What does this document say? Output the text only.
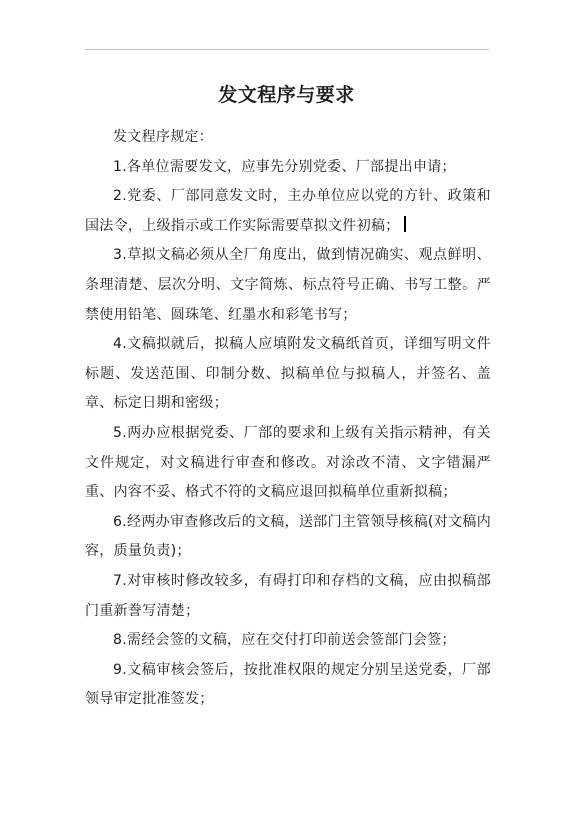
发文程序与要求

发文程序规定：

1.各单位需要发文，应事先分别党委、厂部提出申请；

2.党委、厂部同意发文时，主办单位应以党的方针、政策和国法令，上级指示或工作实际需要草拟文件初稿；

3.草拟文稿必须从全厂角度出，做到情况确实、观点鲜明、条理清楚、层次分明、文字简炼、标点符号正确、书写工整。严禁使用铅笔、圆珠笔、红墨水和彩笔书写；

4.文稿拟就后，拟稿人应填附发文稿纸首页，详细写明文件标题、发送范围、印制分数、拟稿单位与拟稿人，并签名、盖章、标定日期和密级；

5.两办应根据党委、厂部的要求和上级有关指示精神，有关文件规定，对文稿进行审查和修改。对涂改不清、文字错漏严重、内容不妥、格式不符的文稿应退回拟稿单位重新拟稿；

6.经两办审查修改后的文稿，送部门主管领导核稿(对文稿内容，质量负责)；

7.对审核时修改较多，有碍打印和存档的文稿，应由拟稿部门重新誊写清楚；

8.需经会签的文稿，应在交付打印前送会签部门会签；

9.文稿审核会签后，按批准权限的规定分别呈送党委，厂部领导审定批准签发；
